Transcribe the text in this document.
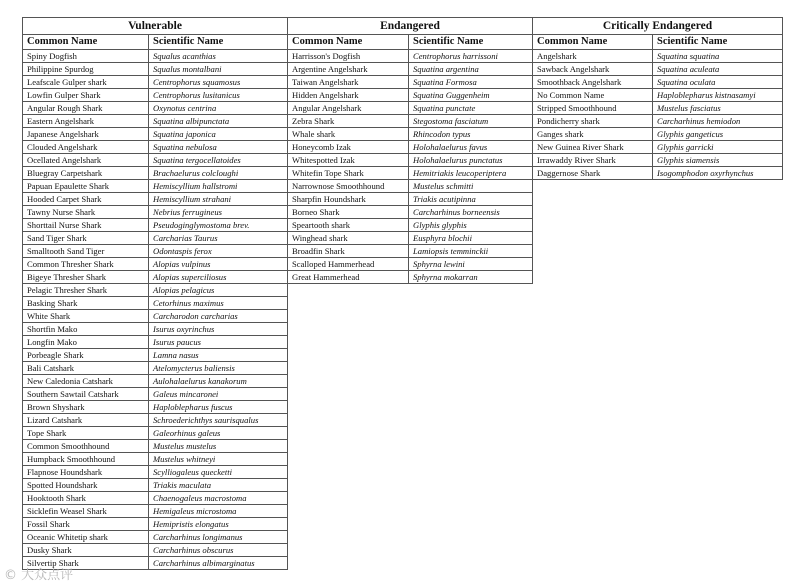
Vulnerable	
Common Name	Scientific Name
Spiny Dogfish	Squalus acanthias
Philippine Spurdog	Squalus montalbani
Leafscale Gulper shark	Centrophorus squamosus
Lowfin Gulper Shark	Centrophorus lusitanicus
Angular Rough Shark	Oxynotus centrina
Eastern Angelshark	Squatina albipunctata
Japanese Angelshark	Squatina japonica
Clouded Angelshark	Squatina nebulosa
Ocellated Angelshark	Squatina tergocellatoides
Bluegray Carpetshark	Brachaelurus colcloughi
Papuan Epaulette Shark	Hemiscyllium hallstromi
Hooded Carpet Shark	Hemiscyllium strahani
Tawny Nurse Shark	Nebrius ferrugineus
Shorttail Nurse Shark	Pseudoginglymostoma brev.
Sand Tiger Shark	Carcharias Taurus
Smalltooth Sand Tiger	Odontaspis ferox
Common Thresher Shark	Alopias vulpinus
Bigeye Thresher Shark	Alopias superciliosus
Pelagic Thresher Shark	Alopias pelagicus
Basking Shark	Cetorhinus maximus
White Shark	Carcharodon carcharias
Shortfin Mako	Isurus oxyrinchus
Longfin Mako	Isurus paucus
Porbeagle Shark	Lamna nasus
Bali Catshark	Atelomycterus baliensis
New Caledonia Catshark	Aulohalaelurus kanakorum
Southern Sawtail Catshark	Galeus mincaronei
Brown Shyshark	Haploblepharus fuscus
Lizard Catshark	Schroederichthys saurisqualus
Tope Shark	Galeorhinus galeus
Common Smoothhound	Mustelus mustelus
Humpback Smoothhound	Mustelus whitneyi
Flapnose Houndshark	Scylliogaleus quecketti
Spotted Houndshark	Triakis maculata
Hooktooth Shark	Chaenogaleus macrostoma
Sicklefin Weasel Shark	Hemigaleus microstoma
Fossil Shark	Hemipristis elongatus
Oceanic Whitetip shark	Carcharhinus longimanus
Dusky Shark	Carcharhinus obscurus
Silvertip Shark	Carcharhinus albimarginatus
Endangered	
Common Name	Scientific Name
Harrisson's Dogfish	Centrophorus harrissoni
Argentine Angelshark	Squatina argentina
Taiwan Angelshark	Squatina Formosa
Hidden Angelshark	Squatina Guggenheim
Angular Angelshark	Squatina punctate
Zebra Shark	Stegostoma fasciatum
Whale shark	Rhincodon typus
Honeycomb Izak	Holohalaelurus favus
Whitespotted Izak	Holohalaelurus punctatus
Whitefin Tope Shark	Hemitriakis leucoperiptera
Narrownose Smoothhound	Mustelus schmitti
Sharpfin Houndshark	Triakis acutipinna
Borneo Shark	Carcharhinus borneensis
Speartooth shark	Glyphis glyphis
Winghead shark	Eusphyra blochii
Broadfin Shark	Lamiopsis temminckii
Scalloped Hammerhead	Sphyrna lewini
Great Hammerhead	Sphyrna mokarran
Critically Endangered	
Common Name	Scientific Name
Angelshark	Squatina squatina
Sawback Angelshark	Squatina aculeata
Smoothback Angelshark	Squatina oculata
No Common Name	Haploblepharus kistnasamyi
Stripped Smoothhound	Mustelus fasciatus
Pondicherry shark	Carcharhinus hemiodon
Ganges shark	Glyphis gangeticus
New Guinea River Shark	Glyphis garricki
Irrawaddy River Shark	Glyphis siamensis
Daggernose Shark	Isogomphodon oxyrhynchus
© 大众点评
